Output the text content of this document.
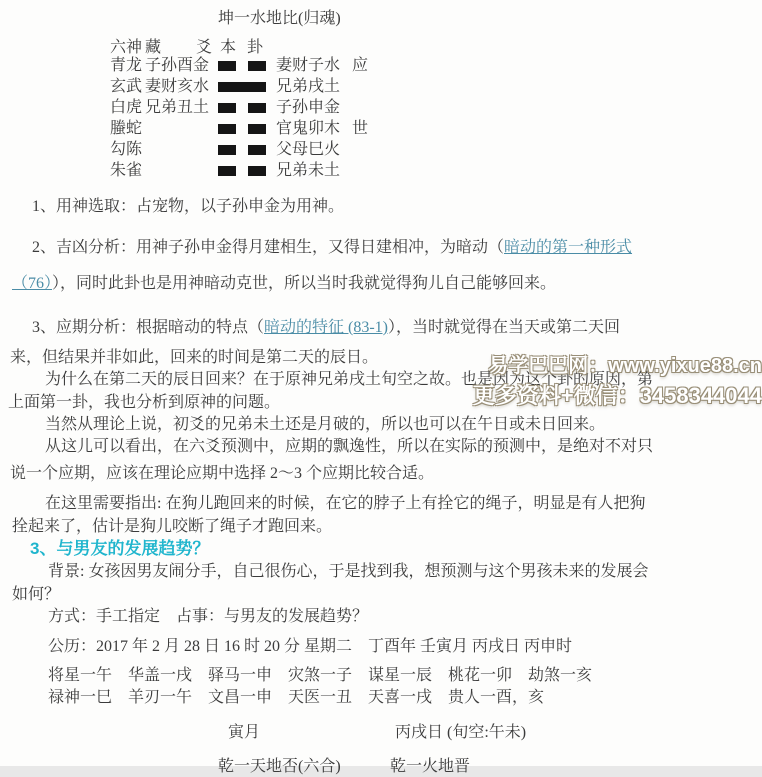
坤一水地比(归魂)
六神 藏 爻 本 卦
青龙 子孙酉金	妻财子水 应
玄武 妻财亥水	兄弟戌土
白虎 兄弟丑土	子孙申金
螣蛇	官鬼卯木 世
勾陈	父母巳火
朱雀	兄弟未土
1、用神选取：占宠物，以子孙申金为用神。
2、吉凶分析：用神子孙申金得月建相生，又得日建相冲，为暗动（暗动的第一种形式
（76）），同时此卦也是用神暗动克世，所以当时我就觉得狗儿自己能够回来。
3、应期分析：根据暗动的特点（暗动的特征 (83-1)），当时就觉得在当天或第二天回
来，但结果并非如此，回来的时间是第二天的辰日。
为什么在第二天的辰日回来？在于原神兄弟戌土旬空之故。也是因为这个卦的原因，第
上面第一卦，我也分析到原神的问题。
当然从理论上说，初爻的兄弟未土还是月破的，所以也可以在午日或未日回来。
从这儿可以看出，在六爻预测中，应期的飘逸性，所以在实际的预测中，是绝对不对只
说一个应期，应该在理论应期中选择 2～3 个应期比较合适。
在这里需要指出: 在狗儿跑回来的时候，在它的脖子上有拴它的绳子，明显是有人把狗
拴起来了，估计是狗儿咬断了绳子才跑回来。
3、与男友的发展趋势？
背景: 女孩因男友闹分手，自己很伤心，于是找到我，想预测与这个男孩未来的发展会
如何？
方式：手工指定　占事：与男友的发展趋势？
公历：2017 年 2 月 28 日 16 时 20 分 星期二　丁酉年 壬寅月 丙戌日 丙申时
将星一午　华盖一戌　驿马一申　灾煞一子　谋星一辰　桃花一卯　劫煞一亥
禄神一巳　羊刃一午　文昌一申　天医一丑　天喜一戌　贵人一酉，亥
寅月	丙戌日 (旬空:午未)
乾一天地否(六合)	乾一火地晋
易学巴巴网：www.yixue88.cn
更多资料+微信：3458344044
